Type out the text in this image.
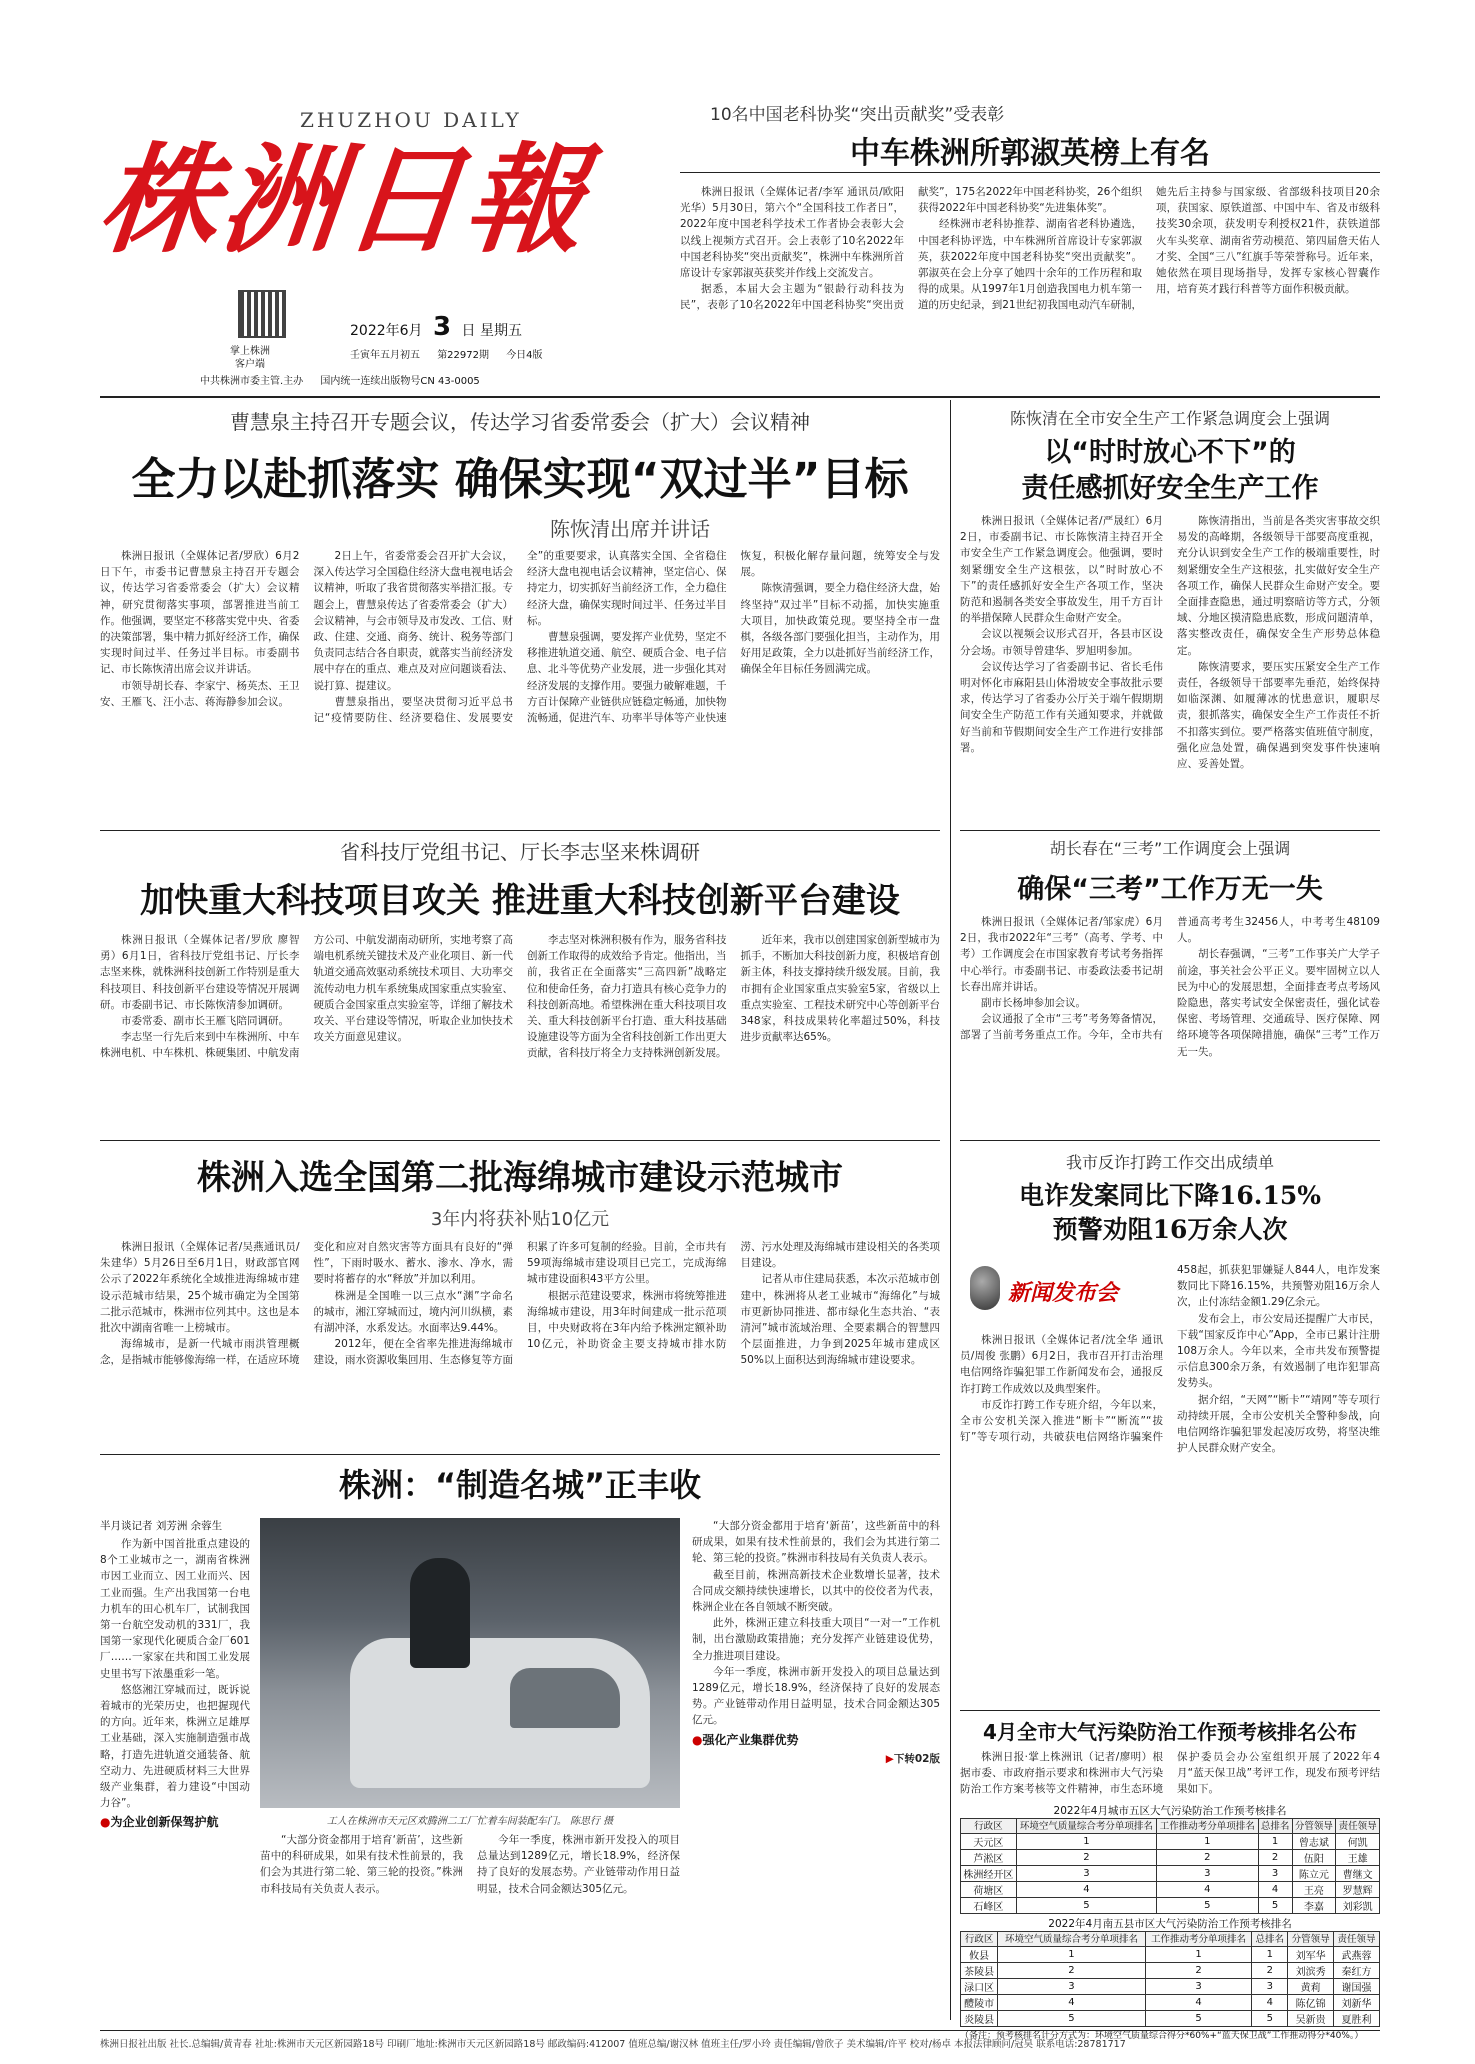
ZHUZHOU DAILY
株洲日報
掌上株洲
客户端
2022年6月 3 日 星期五
壬寅年五月初五 第22972期 今日4版
中共株洲市委主管.主办 国内统一连续出版物号CN 43-0005
10名中国老科协奖“突出贡献奖”受表彰
中车株洲所郭淑英榜上有名

株洲日报讯（全媒体记者/李军 通讯员/欧阳光华）5月30日，第六个“全国科技工作者日”，2022年度中国老科学技术工作者协会表彰大会以线上视频方式召开。会上表彰了10名2022年中国老科协奖“突出贡献奖”，株洲中车株洲所首席设计专家郭淑英获奖并作线上交流发言。

据悉，本届大会主题为“银龄行动科技为民”，表彰了10名2022年中国老科协奖“突出贡献奖”，175名2022年中国老科协奖，26个组织获得2022年中国老科协奖“先进集体奖”。

经株洲市老科协推荐、湖南省老科协遴选，中国老科协评选，中车株洲所首席设计专家郭淑英，获2022年度中国老科协奖“突出贡献奖”。郭淑英在会上分享了她四十余年的工作历程和取得的成果。从1997年1月创造我国电力机车第一道的历史纪录，到21世纪初我国电动汽车研制，她先后主持参与国家级、省部级科技项目20余项，获国家、原铁道部、中国中车、省及市级科技奖30余项，获发明专利授权21件，获铁道部火车头奖章、湖南省劳动模范、第四届詹天佑人才奖、全国“三八”红旗手等荣誉称号。近年来，她依然在项目现场指导，发挥专家核心智囊作用，培育英才践行科普等方面作积极贡献。

曹慧泉主持召开专题会议，传达学习省委常委会（扩大）会议精神
全力以赴抓落实 确保实现“双过半”目标
陈恢清出席并讲话

株洲日报讯（全媒体记者/罗欣）6月2日下午，市委书记曹慧泉主持召开专题会议，传达学习省委常委会（扩大）会议精神，研究贯彻落实事项，部署推进当前工作。他强调，要坚定不移落实党中央、省委的决策部署，集中精力抓好经济工作，确保实现时间过半、任务过半目标。市委副书记、市长陈恢清出席会议并讲话。

市领导胡长春、李家宁、杨英杰、王卫安、王雁飞、汪小志、蒋海静参加会议。

2日上午，省委常委会召开扩大会议，深入传达学习全国稳住经济大盘电视电话会议精神，听取了我省贯彻落实举措汇报。专题会上，曹慧泉传达了省委常委会（扩大）会议精神，与会市领导及市发改、工信、财政、住建、交通、商务、统计、税务等部门负责同志结合各自职责，就落实当前经济发展中存在的重点、难点及对应问题谈看法、说打算、提建议。

曹慧泉指出，要坚决贯彻习近平总书记“疫情要防住、经济要稳住、发展要安全”的重要要求，认真落实全国、全省稳住经济大盘电视电话会议精神，坚定信心、保持定力，切实抓好当前经济工作，全力稳住经济大盘，确保实现时间过半、任务过半目标。

曹慧泉强调，要发挥产业优势，坚定不移推进轨道交通、航空、硬质合金、电子信息、北斗等优势产业发展，进一步强化其对经济发展的支撑作用。要强力破解难题，千方百计保障产业链供应链稳定畅通，加快物流畅通，促进汽车、功率半导体等产业快速恢复，积极化解存量问题，统筹安全与发展。

陈恢清强调，要全力稳住经济大盘，始终坚持“双过半”目标不动摇，加快实施重大项目，加快政策兑现。要坚持全市一盘棋，各级各部门要强化担当，主动作为，用好用足政策，全力以赴抓好当前经济工作，确保全年目标任务圆满完成。

陈恢清在全市安全生产工作紧急调度会上强调
以“时时放心不下”的
责任感抓好安全生产工作

株洲日报讯（全媒体记者/严晟红）6月2日，市委副书记、市长陈恢清主持召开全市安全生产工作紧急调度会。他强调，要时刻紧绷安全生产这根弦，以“时时放心不下”的责任感抓好安全生产各项工作，坚决防范和遏制各类安全事故发生，用千方百计的举措保障人民群众生命财产安全。

会议以视频会议形式召开，各县市区设分会场。市领导曾建华、罗旭明参加。

会议传达学习了省委副书记、省长毛伟明对怀化市麻阳县山体滑坡安全事故批示要求，传达学习了省委办公厅关于端午假期期间安全生产防范工作有关通知要求，并就做好当前和节假期间安全生产工作进行安排部署。

陈恢清指出，当前是各类灾害事故交织易发的高峰期，各级领导干部要高度重视，充分认识到安全生产工作的极端重要性，时刻紧绷安全生产这根弦，扎实做好安全生产各项工作，确保人民群众生命财产安全。要全面排查隐患，通过明察暗访等方式，分领域、分地区摸清隐患底数，形成问题清单，落实整改责任，确保安全生产形势总体稳定。

陈恢清要求，要压实压紧安全生产工作责任，各级领导干部要率先垂范，始终保持如临深渊、如履薄冰的忧患意识，履职尽责，狠抓落实，确保安全生产工作责任不折不扣落实到位。要严格落实值班值守制度，强化应急处置，确保遇到突发事件快速响应、妥善处置。

省科技厅党组书记、厅长李志坚来株调研
加快重大科技项目攻关 推进重大科技创新平台建设

株洲日报讯（全媒体记者/罗欣 廖智勇）6月1日，省科技厅党组书记、厅长李志坚来株，就株洲科技创新工作特别是重大科技项目、科技创新平台建设等情况开展调研。市委副书记、市长陈恢清参加调研。

市委常委、副市长王雁飞陪同调研。

李志坚一行先后来到中车株洲所、中车株洲电机、中车株机、株硬集团、中航发南方公司、中航发湖南动研所，实地考察了高端电机系统关键技术及产业化项目、新一代轨道交通高效驱动系统技术项目、大功率交流传动电力机车系统集成国家重点实验室、硬质合金国家重点实验室等，详细了解技术攻关、平台建设等情况，听取企业加快技术攻关方面意见建议。

李志坚对株洲积极有作为，服务省科技创新工作取得的成效给予肯定。他指出，当前，我省正在全面落实“三高四新”战略定位和使命任务，奋力打造具有核心竞争力的科技创新高地。希望株洲在重大科技项目攻关、重大科技创新平台打造、重大科技基础设施建设等方面为全省科技创新工作出更大贡献，省科技厅将全力支持株洲创新发展。

近年来，我市以创建国家创新型城市为抓手，不断加大科技创新力度，积极培育创新主体，科技支撑持续升级发展。目前，我市拥有企业国家重点实验室5家，省级以上重点实验室、工程技术研究中心等创新平台348家，科技成果转化率超过50%，科技进步贡献率达65%。

胡长春在“三考”工作调度会上强调
确保“三考”工作万无一失

株洲日报讯（全媒体记者/邹家虎）6月2日，我市2022年“三考”（高考、学考、中考）工作调度会在市国家教育考试考务指挥中心举行。市委副书记、市委政法委书记胡长春出席并讲话。

副市长杨坤参加会议。

会议通报了全市“三考”考务筹备情况，部署了当前考务重点工作。今年，全市共有普通高考考生32456人，中考考生48109人。

胡长春强调，“三考”工作事关广大学子前途，事关社会公平正义。要牢固树立以人民为中心的发展思想，全面排查考点考场风险隐患，落实考试安全保密责任，强化试卷保密、考场管理、交通疏导、医疗保障、网络环境等各项保障措施，确保“三考”工作万无一失。

株洲入选全国第二批海绵城市建设示范城市
3年内将获补贴10亿元

株洲日报讯（全媒体记者/吴燕通讯员/朱建华）5月26日至6月1日，财政部官网公示了2022年系统化全域推进海绵城市建设示范城市结果，25个城市确定为全国第二批示范城市，株洲市位列其中。这也是本批次中湖南省唯一上榜城市。

海绵城市，是新一代城市雨洪管理概念，是指城市能够像海绵一样，在适应环境变化和应对自然灾害等方面具有良好的“弹性”，下雨时吸水、蓄水、渗水、净水，需要时将蓄存的水“释放”并加以利用。

株洲是全国唯一以三点水“渊”字命名的城市，湘江穿城而过，境内河川纵横，素有湖冲泽，水系发达。水面率达9.44%。

2012年，便在全省率先推进海绵城市建设，雨水资源收集回用、生态修复等方面积累了许多可复制的经验。目前，全市共有59项海绵城市建设项目已完工，完成海绵城市建设面积43平方公里。

根据示范建设要求，株洲市将统筹推进海绵城市建设，用3年时间建成一批示范项目，中央财政将在3年内给予株洲定额补助10亿元，补助资金主要支持城市排水防涝、污水处理及海绵城市建设相关的各类项目建设。

记者从市住建局获悉，本次示范城市创建中，株洲将从老工业城市“海绵化”与城市更新协同推进、都市绿化生态共治、“表清河”城市流域治理、全要素耦合的智慧四个层面推进，力争到2025年城市建成区50%以上面积达到海绵城市建设要求。

我市反诈打跨工作交出成绩单
电诈发案同比下降16.15%
预警劝阻16万余人次
新闻发布会

株洲日报讯（全媒体记者/沈全华 通讯员/周俊 张鹏）6月2日，我市召开打击治理电信网络诈骗犯罪工作新闻发布会，通报反诈打跨工作成效以及典型案件。

市反诈打跨工作专班介绍，今年以来，全市公安机关深入推进“断卡”“断流”“拔钉”等专项行动，共破获电信网络诈骗案件458起，抓获犯罪嫌疑人844人，电诈发案数同比下降16.15%，共预警劝阻16万余人次，止付冻结金额1.29亿余元。

发布会上，市公安局还提醒广大市民，下载“国家反诈中心”App，全市已累计注册108万余人。今年以来，全市共发布预警提示信息300余万条，有效遏制了电诈犯罪高发势头。

据介绍，“天网”“断卡”“靖网”等专项行动持续开展，全市公安机关全警种参战，向电信网络诈骗犯罪发起凌厉攻势，将坚决维护人民群众财产安全。

株洲：“制造名城”正丰收
半月谈记者 刘芳洲 余蓉生
工人在株洲市天元区欢腾洲二工厂忙着车间装配车门。 陈思行 摄

作为新中国首批重点建设的8个工业城市之一，湖南省株洲市因工业而立、因工业而兴、因工业而强。生产出我国第一台电力机车的田心机车厂，试制我国第一台航空发动机的331厂，我国第一家现代化硬质合金厂601厂……一家家在共和国工业发展史里书写下浓墨重彩一笔。

悠悠湘江穿城而过，既诉说着城市的光荣历史，也把握现代的方向。近年来，株洲立足雄厚工业基础，深入实施制造强市战略，打造先进轨道交通装备、航空动力、先进硬质材料三大世界级产业集群，着力建设“中国动力谷”。

●为企业创新保驾护航

“大部分资金都用于培育‘新苗’，这些新苗中的科研成果，如果有技术性前景的，我们会为其进行第二轮、第三轮的投资。”株洲市科技局有关负责人表示。

截至目前，株洲高新技术企业数增长显著，技术合同成交额持续快速增长，以其中的佼佼者为代表，株洲企业在各自领域不断突破。

此外，株洲正建立科技重大项目“一对一”工作机制，出台激励政策措施；充分发挥产业链建设优势，全力推进项目建设。

今年一季度，株洲市新开发投入的项目总量达到1289亿元，增长18.9%，经济保持了良好的发展态势。产业链带动作用日益明显，技术合同金额达305亿元。

●强化产业集群优势
▶下转02版

“大部分资金都用于培育‘新苗’，这些新苗中的科研成果，如果有技术性前景的，我们会为其进行第二轮、第三轮的投资。”株洲市科技局有关负责人表示。

今年一季度，株洲市新开发投入的项目总量达到1289亿元，增长18.9%，经济保持了良好的发展态势。产业链带动作用日益明显，技术合同金额达305亿元。

4月全市大气污染防治工作预考核排名公布

株洲日报·掌上株洲讯（记者/廖明）根据市委、市政府指示要求和株洲市大气污染防治工作方案考核等文件精神，市生态环境保护委员会办公室组织开展了2022年4月“蓝天保卫战”考评工作，现发布预考评结果如下。

2022年4月城市五区大气污染防治工作预考核排名
行政区	环境空气质量综合考分单项排名	工作推动考分单项排名	总排名	分管领导	责任领导
天元区	1	1	1	曾志斌	何凯
芦淞区	2	2	2	伍阳	王雄
株洲经开区	3	3	3	陈立元	曹继文
荷塘区	4	4	4	王亮	罗慧辉
石峰区	5	5	5	李嘉	刘彩凯
2022年4月南五县市区大气污染防治工作预考核排名
行政区	环境空气质量综合考分单项排名	工作推动考分单项排名	总排名	分管领导	责任领导
攸县	1	1	1	刘军华	武燕蓉
茶陵县	2	2	2	刘滨秀	秦红方
渌口区	3	3	3	黄莉	谢国强
醴陵市	4	4	4	陈亿锦	刘新华
炎陵县	5	5	5	吴新贵	夏胜利
（备注：预考核排名计分方式为：环境空气质量综合得分*60%+“蓝天保卫战”工作推动得分*40%。）
株洲日报社出版 社长.总编辑/黄青春 社址:株洲市天元区新园路18号 印刷厂地址:株洲市天元区新园路18号 邮政编码:412007 值班总编/谢汉林 值班主任/罗小玲 责任编辑/曾欣子 美术编辑/许平 校对/杨卓 本报法律顾问/冠昊 联系电话:28781717
